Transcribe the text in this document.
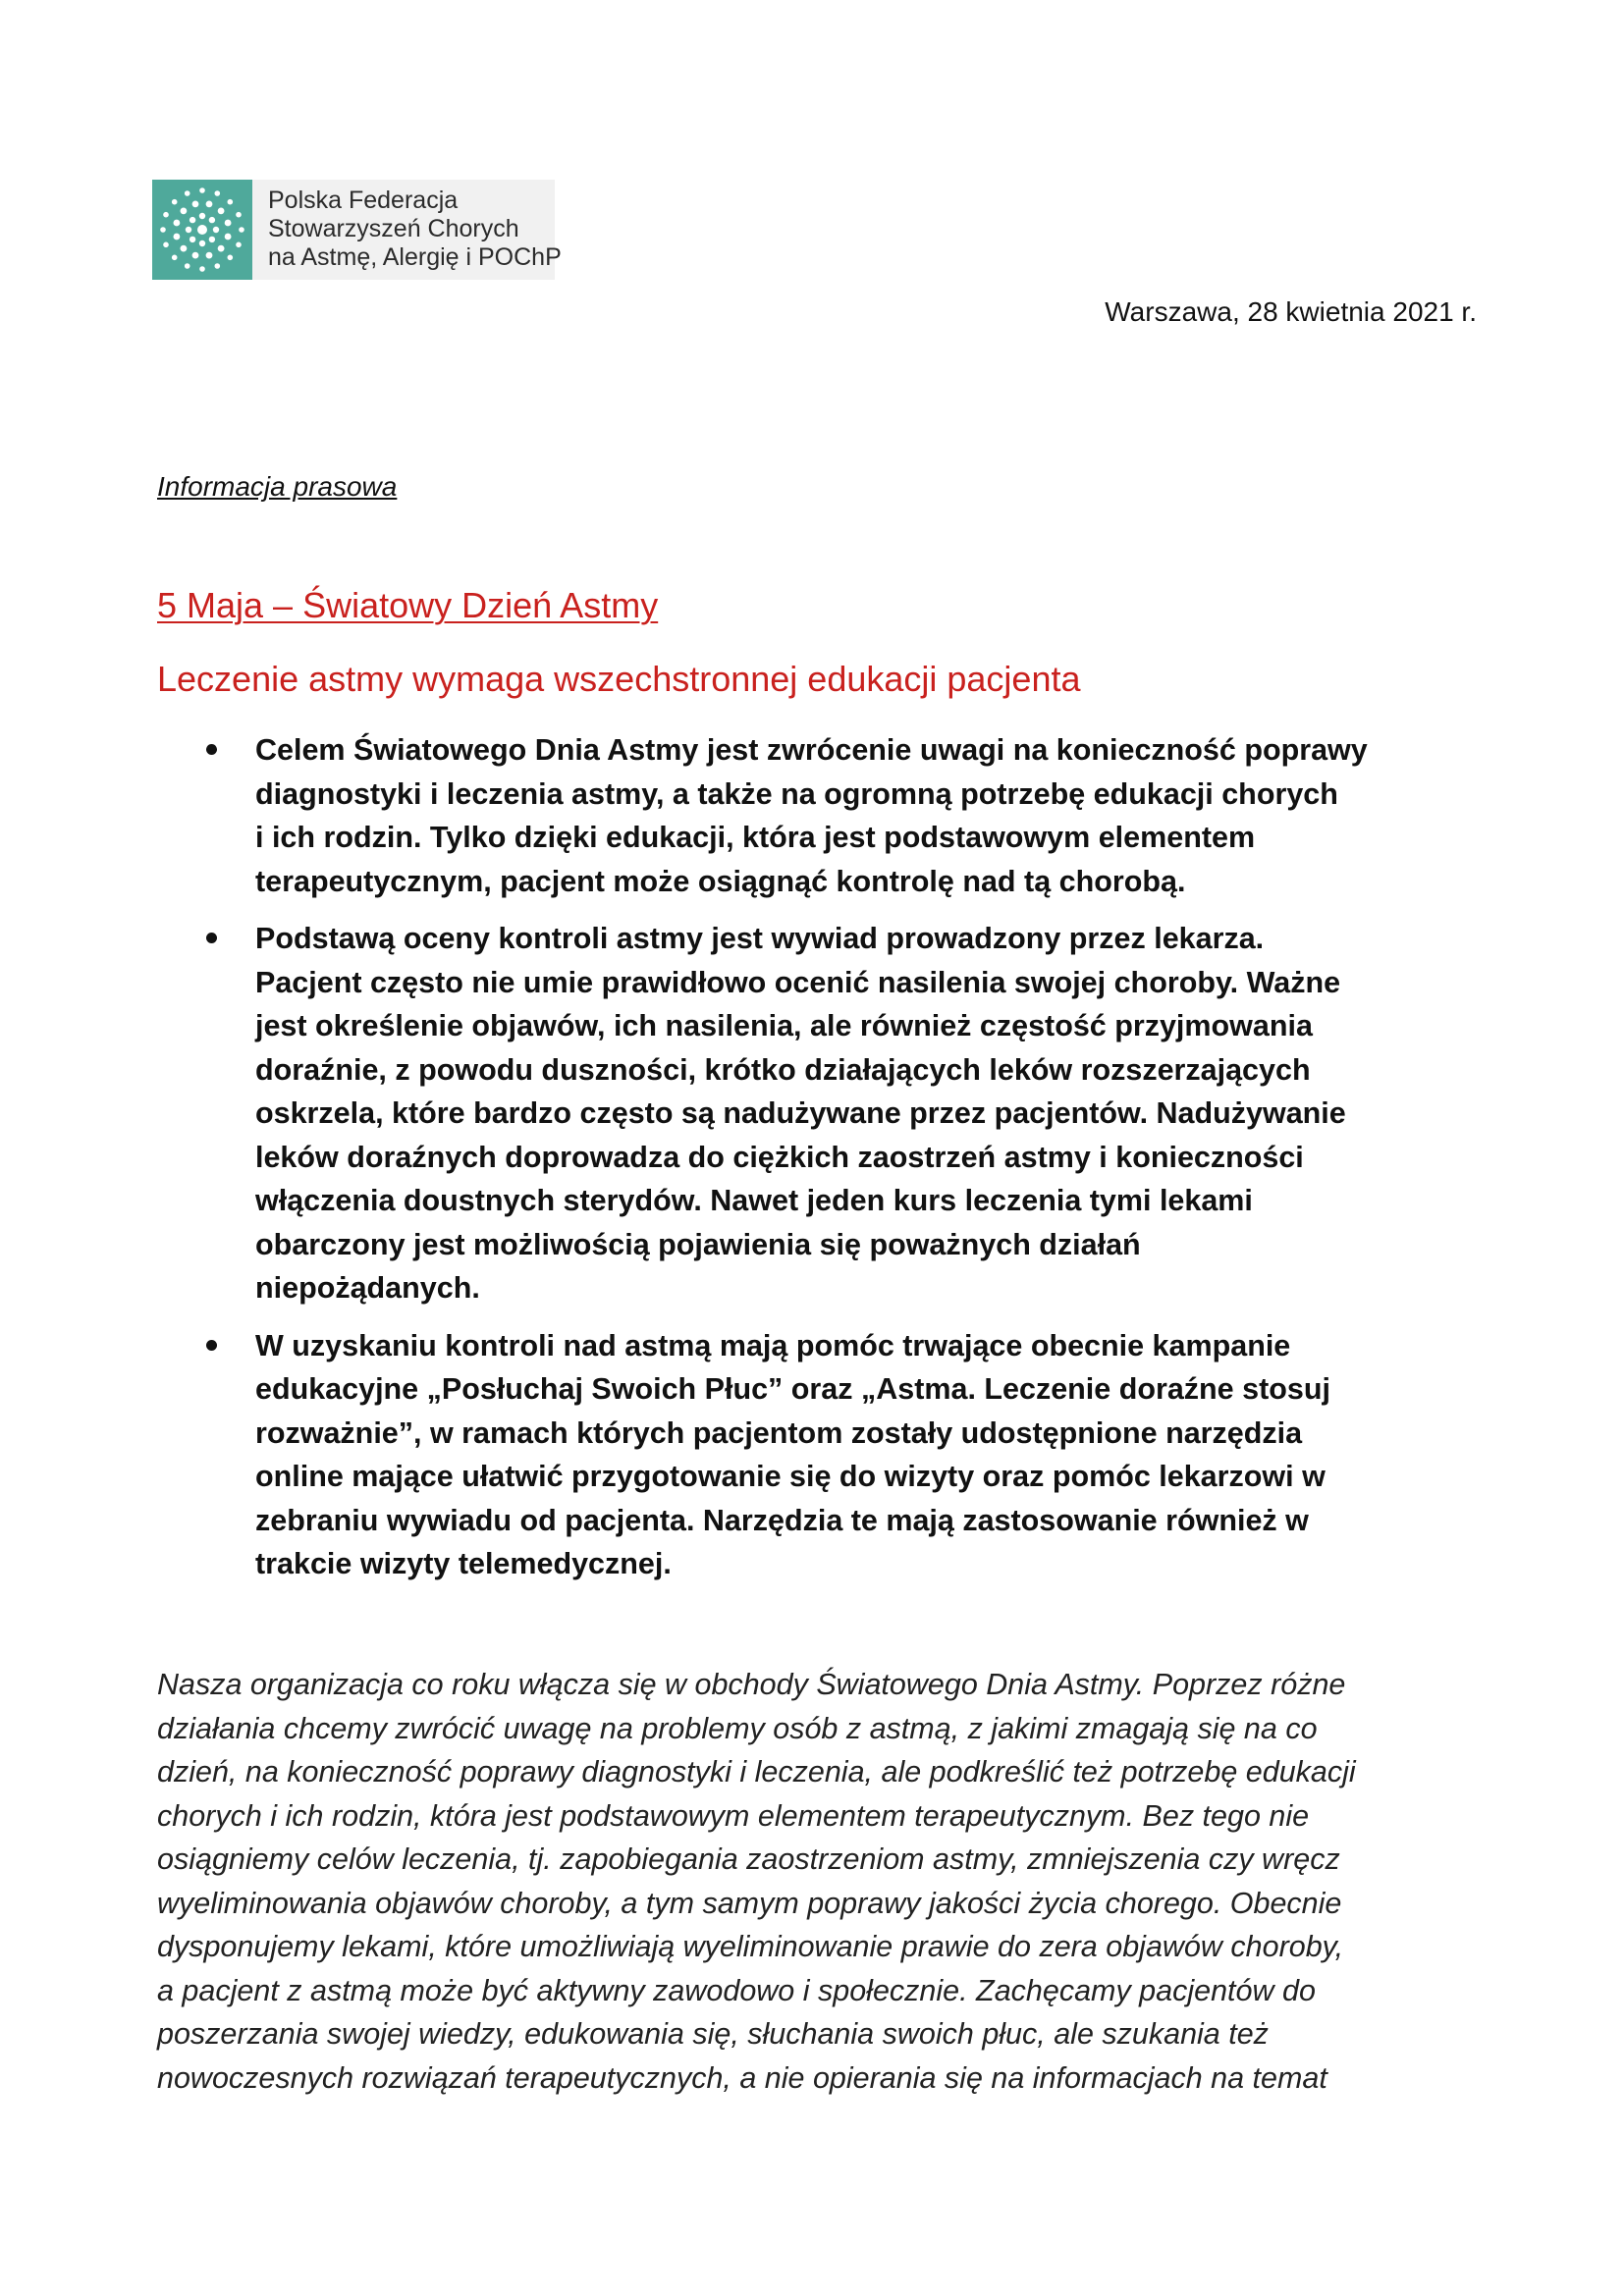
Polska Federacja
Stowarzyszeń Chorych
na Astmę, Alergię i POChP
Warszawa, 28 kwietnia 2021 r.
Informacja prasowa
5 Maja – Światowy Dzień Astmy
Leczenie astmy wymaga wszechstronnej edukacji pacjenta
Celem Światowego Dnia Astmy jest zwrócenie uwagi na konieczność poprawy
diagnostyki i leczenia astmy, a także na ogromną potrzebę edukacji chorych
i ich rodzin. Tylko dzięki edukacji, która jest podstawowym elementem
terapeutycznym, pacjent może osiągnąć kontrolę nad tą chorobą.
Podstawą oceny kontroli astmy jest wywiad prowadzony przez lekarza.
Pacjent często nie umie prawidłowo ocenić nasilenia swojej choroby. Ważne
jest określenie objawów, ich nasilenia, ale również częstość przyjmowania
doraźnie, z powodu duszności, krótko działających leków rozszerzających
oskrzela, które bardzo często są nadużywane przez pacjentów. Nadużywanie
leków doraźnych doprowadza do ciężkich zaostrzeń astmy i konieczności
włączenia doustnych sterydów. Nawet jeden kurs leczenia tymi lekami
obarczony jest możliwością pojawienia się poważnych działań
niepożądanych.
W uzyskaniu kontroli nad astmą mają pomóc trwające obecnie kampanie
edukacyjne „Posłuchaj Swoich Płuc” oraz „Astma. Leczenie doraźne stosuj
rozważnie”, w ramach których pacjentom zostały udostępnione narzędzia
online mające ułatwić przygotowanie się do wizyty oraz pomóc lekarzowi w
zebraniu wywiadu od pacjenta. Narzędzia te mają zastosowanie również w
trakcie wizyty telemedycznej.
Nasza organizacja co roku włącza się w obchody Światowego Dnia Astmy. Poprzez różne
działania chcemy zwrócić uwagę na problemy osób z astmą, z jakimi zmagają się na co
dzień, na konieczność poprawy diagnostyki i leczenia, ale podkreślić też potrzebę edukacji
chorych i ich rodzin, która jest podstawowym elementem terapeutycznym. Bez tego nie
osiągniemy celów leczenia, tj. zapobiegania zaostrzeniom astmy, zmniejszenia czy wręcz
wyeliminowania objawów choroby, a tym samym poprawy jakości życia chorego. Obecnie
dysponujemy lekami, które umożliwiają wyeliminowanie prawie do zera objawów choroby,
a pacjent z astmą może być aktywny zawodowo i społecznie. Zachęcamy pacjentów do
poszerzania swojej wiedzy, edukowania się, słuchania swoich płuc, ale szukania też
nowoczesnych rozwiązań terapeutycznych, a nie opierania się na informacjach na temat
